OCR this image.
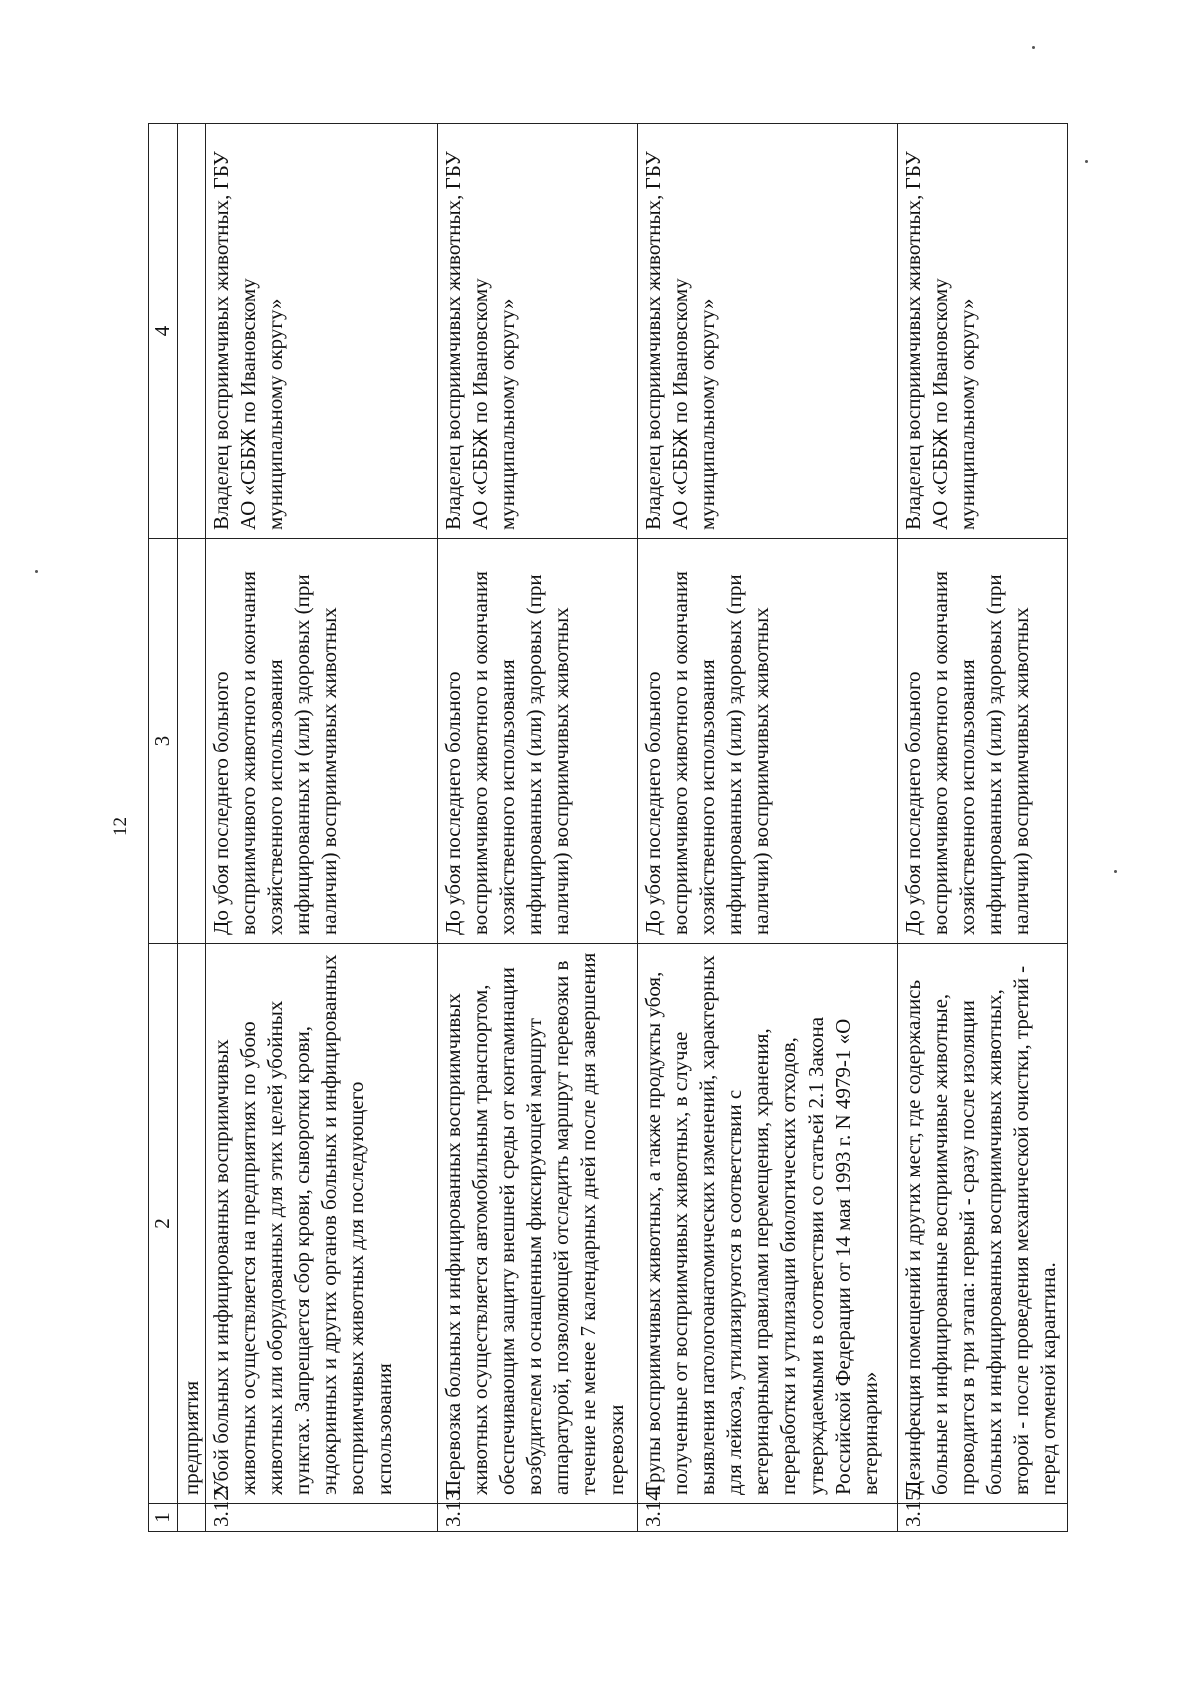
12
1	2	3	4
	предприятия		
3.12.	Убой больных и инфицированных восприимчивых животных осуществляется на предприятиях по убою животных или оборудованных для этих целей убойных пунктах. Запрещается сбор крови, сыворотки крови, эндокринных и других органов больных и инфицированных восприимчивых животных для последующего использования	До убоя последнего больного восприимчивого животного и окончания хозяйственного использования инфицированных и (или) здоровых (при наличии) восприимчивых животных	Владелец восприимчивых животных, ГБУ АО «СББЖ по Ивановскому муниципальному округу»
3.13.	Перевозка больных и инфицированных восприимчивых животных осуществляется автомобильным транспортом, обеспечивающим защиту внешней среды от контаминации возбудителем и оснащенным фиксирующей маршрут аппаратурой, позволяющей отследить маршрут перевозки в течение не менее 7 календарных дней после дня завершения перевозки	До убоя последнего больного восприимчивого животного и окончания хозяйственного использования инфицированных и (или) здоровых (при наличии) восприимчивых животных	Владелец восприимчивых животных, ГБУ АО «СББЖ по Ивановскому муниципальному округу»
3.14.	Трупы восприимчивых животных, а также продукты убоя, полученные от восприимчивых животных, в случае выявления патологоанатомических изменений, характерных для лейкоза, утилизируются в соответствии с ветеринарными правилами перемещения, хранения, переработки и утилизации биологических отходов, утверждаемыми в соответствии со статьей 2.1 Закона Российской Федерации от 14 мая 1993 г. N 4979-1 «О ветеринарии»	До убоя последнего больного восприимчивого животного и окончания хозяйственного использования инфицированных и (или) здоровых (при наличии) восприимчивых животных	Владелец восприимчивых животных, ГБУ АО «СББЖ по Ивановскому муниципальному округу»
3.15.	Дезинфекция помещений и других мест, где содержались больные и инфицированные восприимчивые животные, проводится в три этапа: первый - сразу после изоляции больных и инфицированных восприимчивых животных, второй - после проведения механической очистки, третий - перед отменой карантина.	До убоя последнего больного восприимчивого животного и окончания хозяйственного использования инфицированных и (или) здоровых (при наличии) восприимчивых животных	Владелец восприимчивых животных, ГБУ АО «СББЖ по Ивановскому муниципальному округу»
